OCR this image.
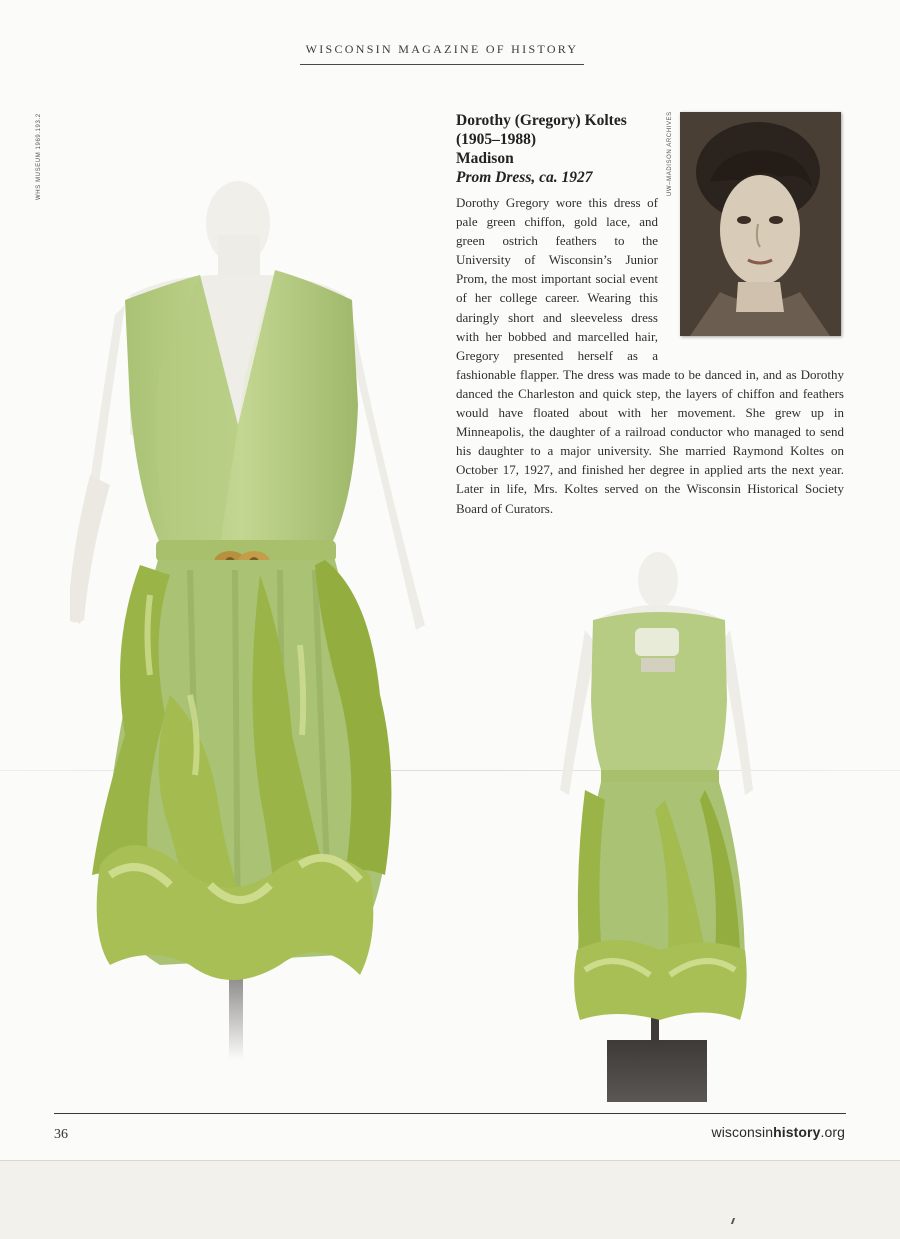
WISCONSIN MAGAZINE OF HISTORY
WHS MUSEUM 1969.193.2	UW–MADISON ARCHIVES
Dorothy (Gregory) Koltes
(1905–1988)
Madison
Prom Dress, ca. 1927

Dorothy Gregory wore this dress of pale green chiffon, gold lace, and green ostrich feathers to the University of Wisconsin’s Junior Prom, the most important social event of her college career. Wearing this daringly short and sleeveless dress with her bobbed and marcelled hair, Gregory presented herself as a fashionable flapper. The dress was made to be danced in, and as Dorothy danced the Charleston and quick step, the layers of chiffon and feathers would have floated about with her movement. She grew up in Minneapolis, the daughter of a railroad conductor who managed to send his daughter to a major university. She married Raymond Koltes on October 17, 1927, and finished her degree in applied arts the next year. Later in life, Mrs. Koltes served on the Wisconsin Historical Society Board of Curators.

36	wisconsinhistory.org
